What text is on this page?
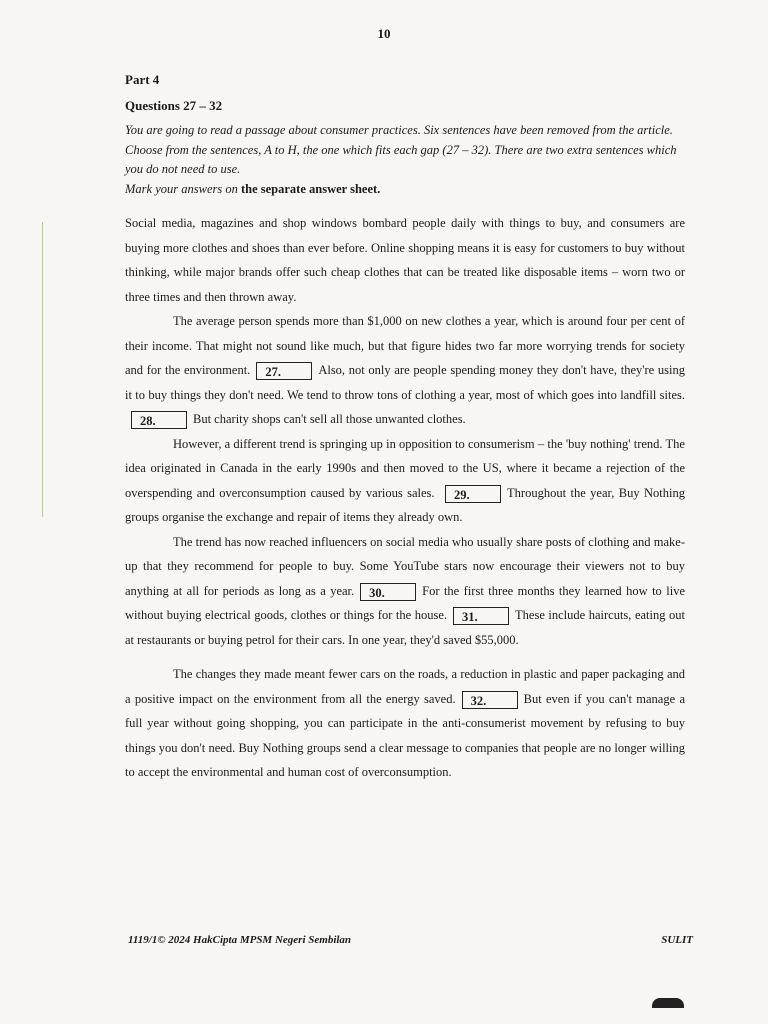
10
Part 4
Questions 27 – 32
You are going to read a passage about consumer practices. Six sentences have been removed from the article. Choose from the sentences, A to H, the one which fits each gap (27 – 32). There are two extra sentences which you do not need to use.
Mark your answers on the separate answer sheet.

Social media, magazines and shop windows bombard people daily with things to buy, and consumers are buying more clothes and shoes than ever before. Online shopping means it is easy for customers to buy without thinking, while major brands offer such cheap clothes that can be treated like disposable items – worn two or three times and then thrown away.

The average person spends more than $1,000 on new clothes a year, which is around four per cent of their income. That might not sound like much, but that figure hides two far more worrying trends for society and for the environment. 27.	Also, not only are people spending money they don't have, they're using it to buy things they don't need. We tend to throw tons of clothing a year, most of which goes into landfill sites.28.	But charity shops can't sell all those unwanted clothes.

However, a different trend is springing up in opposition to consumerism – the 'buy nothing' trend. The idea originated in Canada in the early 1990s and then moved to the US, where it became a rejection of the overspending and overconsumption caused by various sales. 29.	Throughout the year, Buy Nothing groups organise the exchange and repair of items they already own.

The trend has now reached influencers on social media who usually share posts of clothing and make-up that they recommend for people to buy. Some YouTube stars now encourage their viewers not to buy anything at all for periods as long as a year. 30.	For the first three months they learned how to live without buying electrical goods, clothes or things for the house. 31.	These include haircuts, eating out at restaurants or buying petrol for their cars. In one year, they'd saved $55,000.

The changes they made meant fewer cars on the roads, a reduction in plastic and paper packaging and a positive impact on the environment from all the energy saved. 32.	But even if you can't manage a full year without going shopping, you can participate in the anti-consumerist movement by refusing to buy things you don't need. Buy Nothing groups send a clear message to companies that people are no longer willing to accept the environmental and human cost of overconsumption.

1119/1© 2024 HakCipta MPSM Negeri Sembilan	SULIT
